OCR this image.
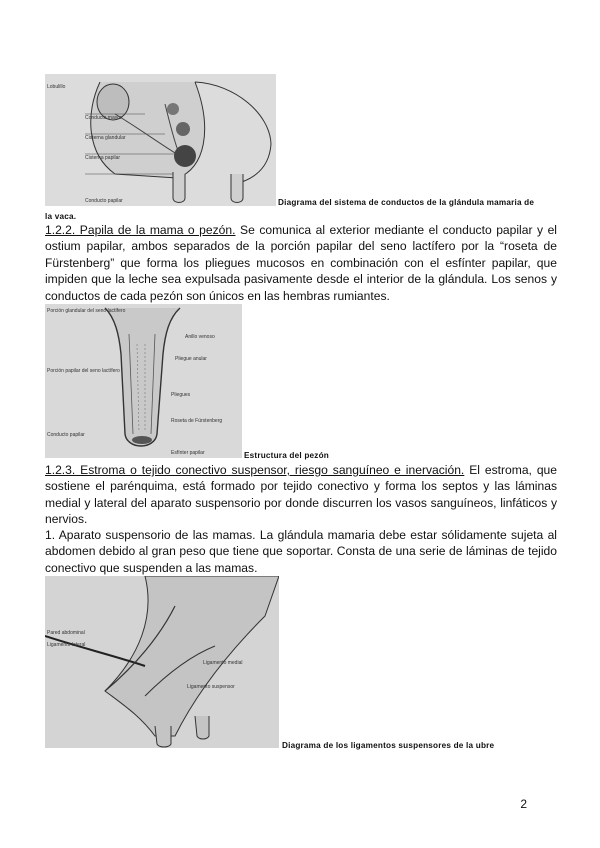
Lobulillo
Conducto mayor
Cisterna glandular
Cisterna papilar
Conducto papilar	Diagrama del sistema de conductos de la glándula mamaria de
la vaca.

1.2.2. Papila de la mama o pezón. Se comunica al exterior mediante el conducto papilar y el ostium papilar, ambos separados de la porción papilar del seno lactífero por la “roseta de Fürstenberg” que forma los pliegues mucosos en combinación con el esfínter papilar, que impiden que la leche sea expulsada pasivamente desde el interior de la glándula. Los senos y conductos de cada pezón son únicos en las hembras rumiantes.

Porción glandular del seno lactífero
Anillo venoso
Pliegue anular
Porción papilar del seno lactífero
Pliegues
Roseta de Fürstenberg
Conducto papilar
Esfínter papilar	Estructura del pezón

1.2.3. Estroma o tejido conectivo suspensor, riesgo sanguíneo e inervación. El estroma, que sostiene el parénquima, está formado por tejido conectivo y forma los septos y las láminas medial y lateral del aparato suspensorio por donde discurren los vasos sanguíneos, linfáticos y nervios.

1. Aparato suspensorio de las mamas. La glándula mamaria debe estar sólidamente sujeta al abdomen debido al gran peso que tiene que soportar. Consta de una serie de láminas de tejido conectivo que suspenden a las mamas.

Pared abdominal
Ligamento lateral
Ligamento medial
Ligamento suspensor
Diagrama de los ligamentos suspensores de la ubre
2
